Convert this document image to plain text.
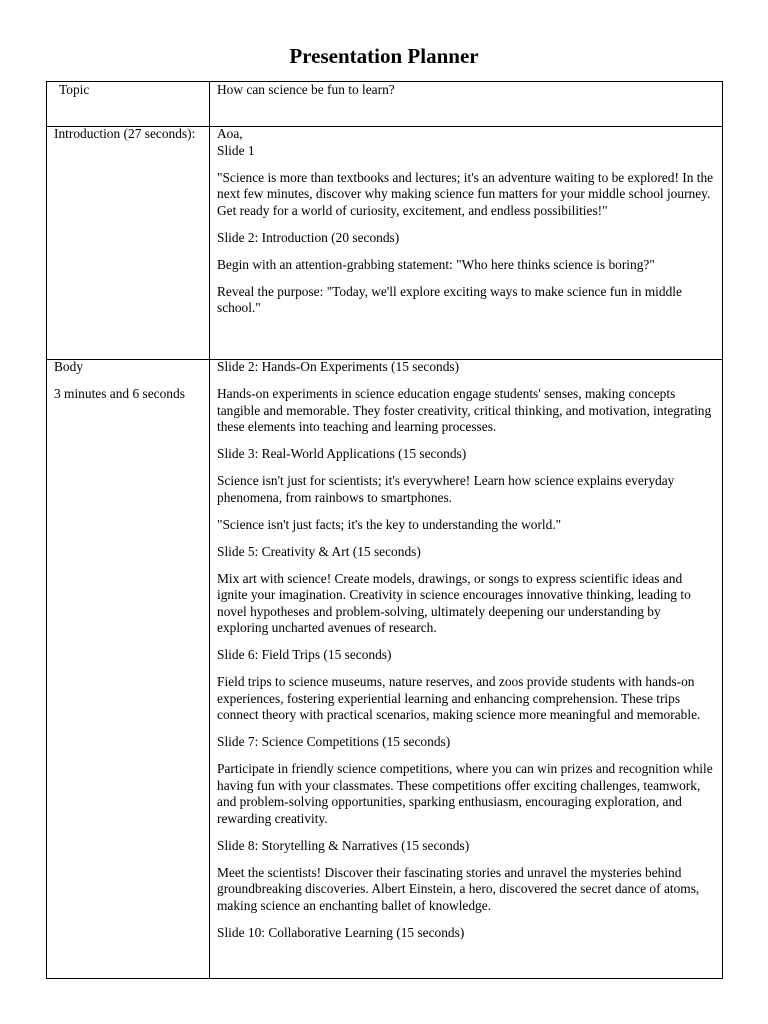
Presentation Planner
Topic	How can science be fun to learn?
Introduction (27 seconds):	Aoa,

Slide 1

"Science is more than textbooks and lectures; it's an adventure waiting to be explored! In the next few minutes, discover why making science fun matters for your middle school journey. Get ready for a world of curiosity, excitement, and endless possibilities!"

Slide 2: Introduction (20 seconds)

Begin with an attention-grabbing statement: "Who here thinks science is boring?"

Reveal the purpose: "Today, we'll explore exciting ways to make science fun in middle school."

Body

3 minutes and 6 seconds

Slide 2: Hands-On Experiments (15 seconds)

Hands-on experiments in science education engage students' senses, making concepts tangible and memorable. They foster creativity, critical thinking, and motivation, integrating these elements into teaching and learning processes.

Slide 3: Real-World Applications (15 seconds)

Science isn't just for scientists; it's everywhere! Learn how science explains everyday phenomena, from rainbows to smartphones.

"Science isn't just facts; it's the key to understanding the world."

Slide 5: Creativity & Art (15 seconds)

Mix art with science! Create models, drawings, or songs to express scientific ideas and ignite your imagination. Creativity in science encourages innovative thinking, leading to novel hypotheses and problem-solving, ultimately deepening our understanding by exploring uncharted avenues of research.

Slide 6: Field Trips (15 seconds)

Field trips to science museums, nature reserves, and zoos provide students with hands-on experiences, fostering experiential learning and enhancing comprehension. These trips connect theory with practical scenarios, making science more meaningful and memorable.

Slide 7: Science Competitions (15 seconds)

Participate in friendly science competitions, where you can win prizes and recognition while having fun with your classmates. These competitions offer exciting challenges, teamwork, and problem-solving opportunities, sparking enthusiasm, encouraging exploration, and rewarding creativity.

Slide 8: Storytelling & Narratives (15 seconds)

Meet the scientists! Discover their fascinating stories and unravel the mysteries behind groundbreaking discoveries. Albert Einstein, a hero, discovered the secret dance of atoms, making science an enchanting ballet of knowledge.

Slide 10: Collaborative Learning (15 seconds)
